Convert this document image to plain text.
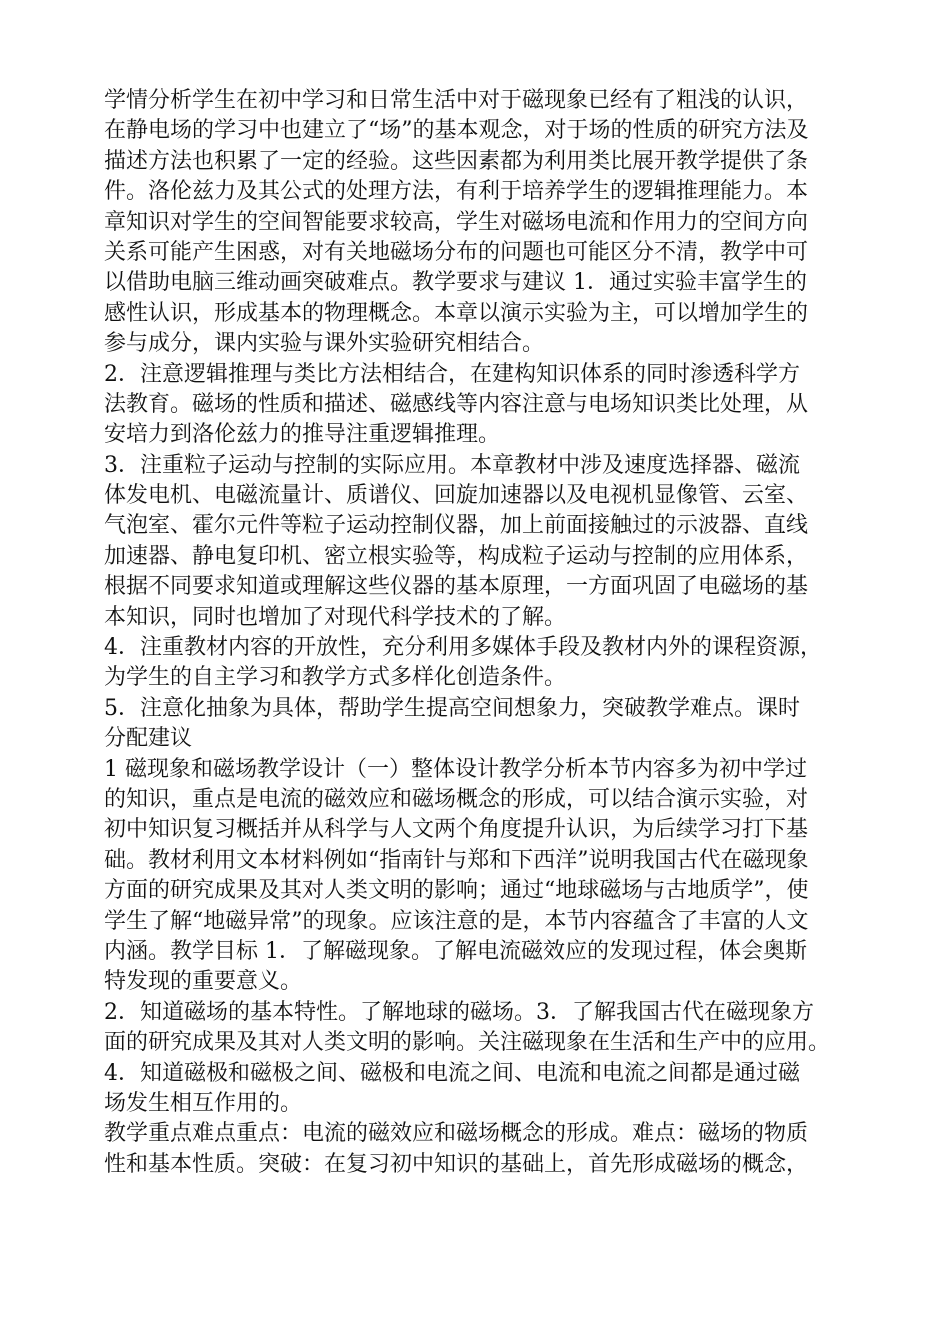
学情分析学生在初中学习和日常生活中对于磁现象已经有了粗浅的认识，
在静电场的学习中也建立了“场”的基本观念，对于场的性质的研究方法及
描述方法也积累了一定的经验。这些因素都为利用类比展开教学提供了条
件。洛伦兹力及其公式的处理方法，有利于培养学生的逻辑推理能力。本
章知识对学生的空间智能要求较高，学生对磁场电流和作用力的空间方向
关系可能产生困惑，对有关地磁场分布的问题也可能区分不清，教学中可
以借助电脑三维动画突破难点。教学要求与建议 1．通过实验丰富学生的
感性认识，形成基本的物理概念。本章以演示实验为主，可以增加学生的
参与成分，课内实验与课外实验研究相结合。
2．注意逻辑推理与类比方法相结合，在建构知识体系的同时渗透科学方
法教育。磁场的性质和描述、磁感线等内容注意与电场知识类比处理，从
安培力到洛伦兹力的推导注重逻辑推理。
3．注重粒子运动与控制的实际应用。本章教材中涉及速度选择器、磁流
体发电机、电磁流量计、质谱仪、回旋加速器以及电视机显像管、云室、
气泡室、霍尔元件等粒子运动控制仪器，加上前面接触过的示波器、直线
加速器、静电复印机、密立根实验等，构成粒子运动与控制的应用体系，
根据不同要求知道或理解这些仪器的基本原理，一方面巩固了电磁场的基
本知识，同时也增加了对现代科学技术的了解。
4．注重教材内容的开放性，充分利用多媒体手段及教材内外的课程资源，
为学生的自主学习和教学方式多样化创造条件。
5．注意化抽象为具体，帮助学生提高空间想象力，突破教学难点。课时
分配建议
1 磁现象和磁场教学设计（一）整体设计教学分析本节内容多为初中学过
的知识，重点是电流的磁效应和磁场概念的形成，可以结合演示实验，对
初中知识复习概括并从科学与人文两个角度提升认识，为后续学习打下基
础。教材利用文本材料例如“指南针与郑和下西洋”说明我国古代在磁现象
方面的研究成果及其对人类文明的影响；通过“地球磁场与古地质学”，使
学生了解“地磁异常”的现象。应该注意的是，本节内容蕴含了丰富的人文
内涵。教学目标 1．了解磁现象。了解电流磁效应的发现过程，体会奥斯
特发现的重要意义。
2．知道磁场的基本特性。了解地球的磁场。3．了解我国古代在磁现象方
面的研究成果及其对人类文明的影响。关注磁现象在生活和生产中的应用。
4．知道磁极和磁极之间、磁极和电流之间、电流和电流之间都是通过磁
场发生相互作用的。
教学重点难点重点：电流的磁效应和磁场概念的形成。难点：磁场的物质
性和基本性质。突破：在复习初中知识的基础上，首先形成磁场的概念，
